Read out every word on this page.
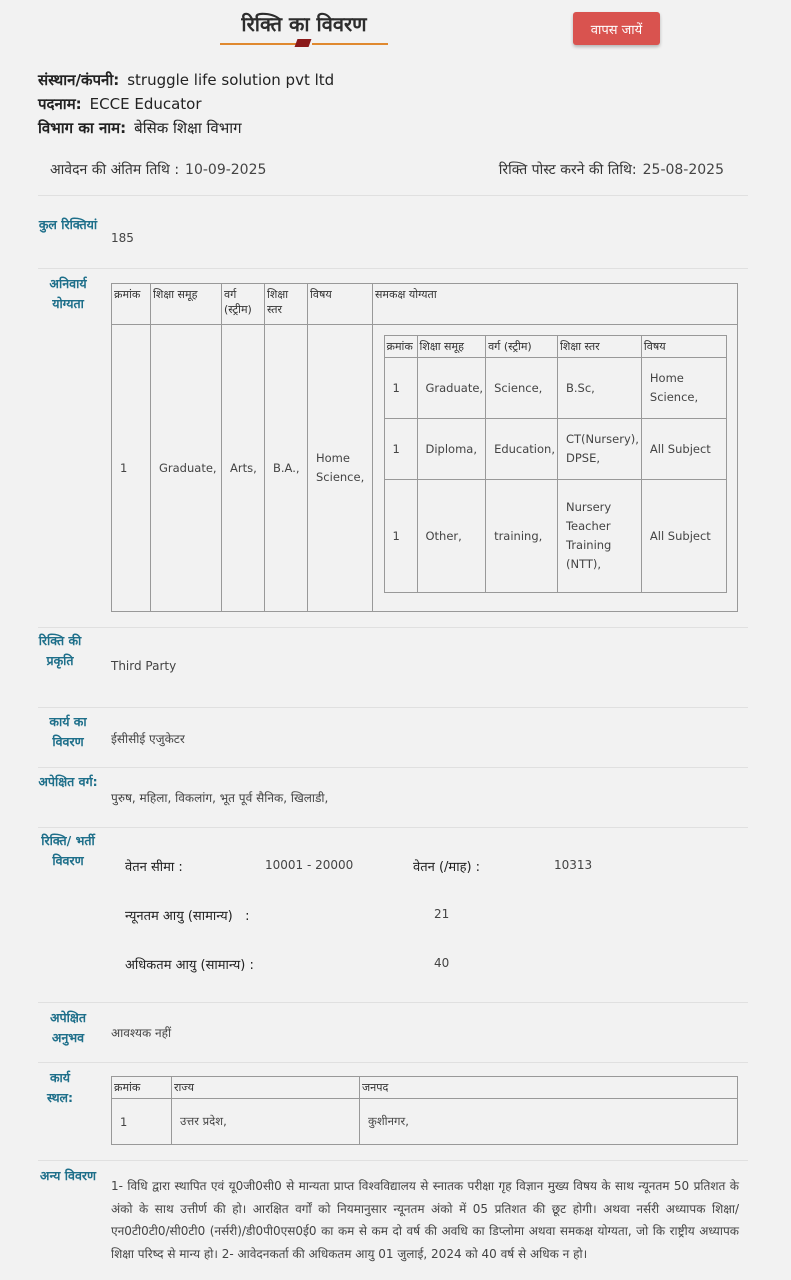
रिक्ति का विवरण	वापस जायें
संस्थान/कंपनी: struggle life solution pvt ltd
पदनाम: ECCE Educator
विभाग का नाम: बेसिक शिक्षा विभाग
आवेदन की अंतिम तिथि : 10-09-2025	रिक्ति पोस्ट करने की तिथि: 25-08-2025
कुल रिक्तियां
185
अनिवार्य योग्यता
क्रमांक	शिक्षा समूह	वर्ग (स्ट्रीम)	शिक्षा स्तर	विषय	समकक्ष योग्यता
1	Graduate,	Arts,	B.A.,	Home Science,	
क्रमांक	शिक्षा समूह	वर्ग (स्ट्रीम)	शिक्षा स्तर	विषय
1	Graduate,	Science,	B.Sc,	Home Science,
1	Diploma,	Education,	CT(Nursery), DPSE,	All Subject
1	Other,	training,	Nursery Teacher Training (NTT),	All Subject
रिक्ति की प्रकृति	Third Party
कार्य का विवरण	ईसीसीई एजुकेटर
अपेक्षित वर्ग:
पुरुष, महिला, विकलांग, भूत पूर्व सैनिक, खिलाडी,
रिक्ति/ भर्ती विवरण	वेतन सीमा :	10001 - 20000	वेतन (/माह) :	10313
न्यूनतम आयु (सामान्य)   :	21
अधिकतम आयु (सामान्य) :	40
अपेक्षित अनुभव	आवश्यक नहीं
कार्य स्थल:
क्रमांक	राज्य	जनपद
1	उत्तर प्रदेश,	कुशीनगर,
अन्य विवरण
1- विधि द्वारा स्थापित एवं यू0जी0सी0 से मान्यता प्राप्त विश्वविद्यालय से स्नातक परीक्षा गृह विज्ञान मुख्य विषय के साथ न्यूनतम 50 प्रतिशत के अंको के साथ उत्तीर्ण की हो। आरक्षित वर्गों को नियमानुसार न्यूनतम अंको में 05 प्रतिशत की छूट होगी। अथवा नर्सरी अध्यापक शिक्षा/एन0टी0टी0/सी0टी0 (नर्सरी)/डी0पी0एस0ई0 का कम से कम दो वर्ष की अवधि का डिप्लोमा अथवा समकक्ष योग्यता, जो कि राष्ट्रीय अध्यापक शिक्षा परिष्द से मान्य हो। 2- आवेदनकर्ता की अधिकतम आयु 01 जुलाई, 2024 को 40 वर्ष से अधिक न हो।
